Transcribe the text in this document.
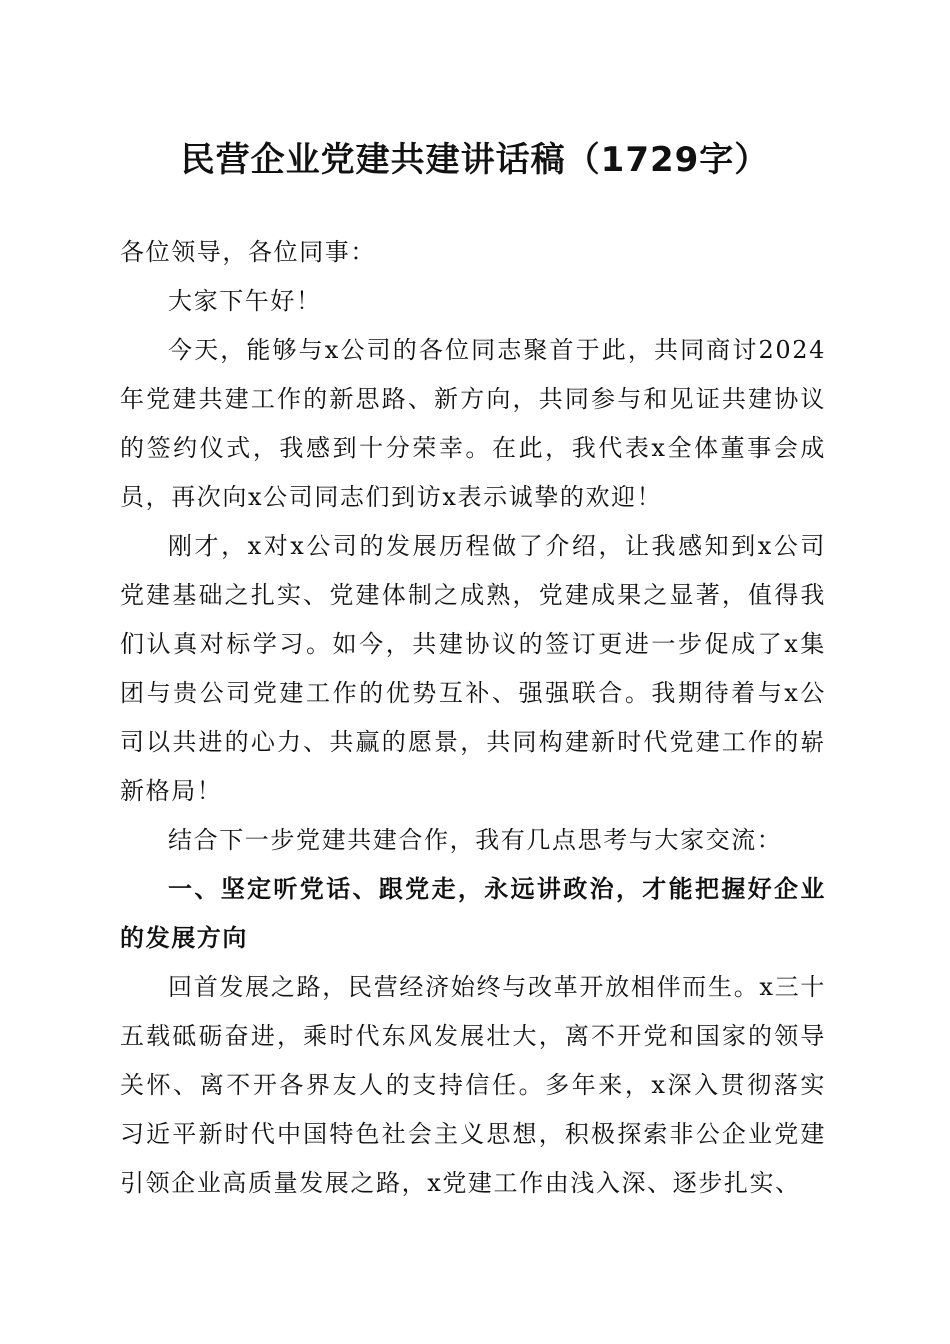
民营企业党建共建讲话稿（1729字）

各位领导，各位同事：

大家下午好！

今天，能够与x公司的各位同志聚首于此，共同商讨2024年党建共建工作的新思路、新方向，共同参与和见证共建协议的签约仪式，我感到十分荣幸。在此，我代表x全体董事会成员，再次向x公司同志们到访x表示诚挚的欢迎！

刚才，x对x公司的发展历程做了介绍，让我感知到x公司党建基础之扎实、党建体制之成熟，党建成果之显著，值得我们认真对标学习。如今，共建协议的签订更进一步促成了x集团与贵公司党建工作的优势互补、强强联合。我期待着与x公司以共进的心力、共赢的愿景，共同构建新时代党建工作的崭新格局！

结合下一步党建共建合作，我有几点思考与大家交流：

一、坚定听党话、跟党走，永远讲政治，才能把握好企业的发展方向

回首发展之路，民营经济始终与改革开放相伴而生。x三十五载砥砺奋进，乘时代东风发展壮大，离不开党和国家的领导关怀、离不开各界友人的支持信任。多年来，x深入贯彻落实习近平新时代中国特色社会主义思想，积极探索非公企业党建引领企业高质量发展之路，x党建工作由浅入深、逐步扎实、
